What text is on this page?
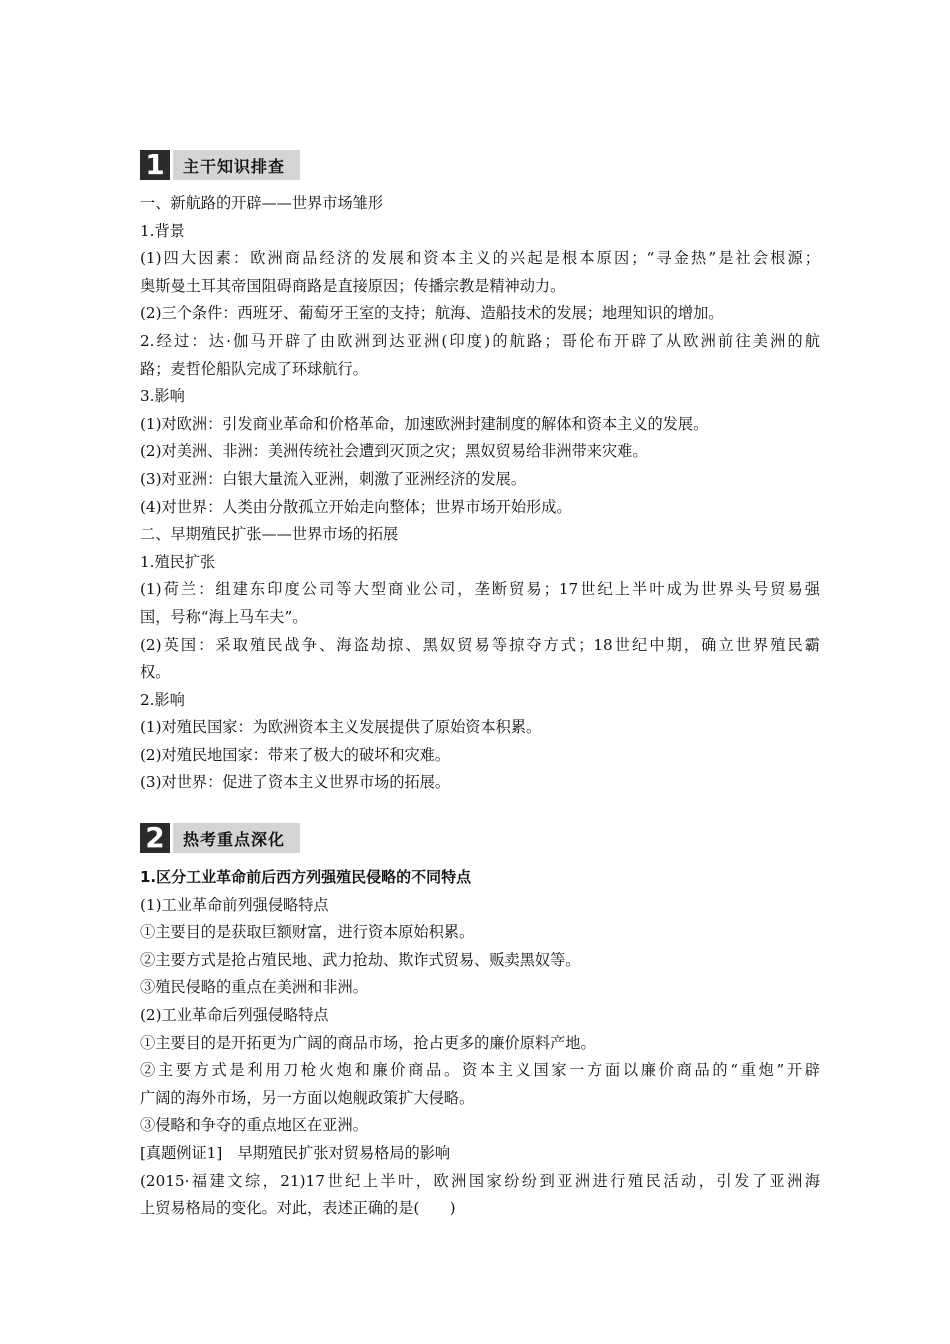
1	主干知识排查
一、新航路的开辟——世界市场雏形
1.背景
(1)四大因素：欧洲商品经济的发展和资本主义的兴起是根本原因；“寻金热”是社会根源；
奥斯曼土耳其帝国阻碍商路是直接原因；传播宗教是精神动力。
(2)三个条件：西班牙、葡萄牙王室的支持；航海、造船技术的发展；地理知识的增加。
2.经过：达·伽马开辟了由欧洲到达亚洲(印度)的航路；哥伦布开辟了从欧洲前往美洲的航
路；麦哲伦船队完成了环球航行。
3.影响
(1)对欧洲：引发商业革命和价格革命，加速欧洲封建制度的解体和资本主义的发展。
(2)对美洲、非洲：美洲传统社会遭到灭顶之灾；黑奴贸易给非洲带来灾难。
(3)对亚洲：白银大量流入亚洲，刺激了亚洲经济的发展。
(4)对世界：人类由分散孤立开始走向整体；世界市场开始形成。
二、早期殖民扩张——世界市场的拓展
1.殖民扩张
(1)荷兰：组建东印度公司等大型商业公司，垄断贸易；17世纪上半叶成为世界头号贸易强
国，号称“海上马车夫”。
(2)英国：采取殖民战争、海盗劫掠、黑奴贸易等掠夺方式；18世纪中期，确立世界殖民霸
权。
2.影响
(1)对殖民国家：为欧洲资本主义发展提供了原始资本积累。
(2)对殖民地国家：带来了极大的破坏和灾难。
(3)对世界：促进了资本主义世界市场的拓展。
2	热考重点深化
1.区分工业革命前后西方列强殖民侵略的不同特点
(1)工业革命前列强侵略特点
①主要目的是获取巨额财富，进行资本原始积累。
②主要方式是抢占殖民地、武力抢劫、欺诈式贸易、贩卖黑奴等。
③殖民侵略的重点在美洲和非洲。
(2)工业革命后列强侵略特点
①主要目的是开拓更为广阔的商品市场，抢占更多的廉价原料产地。
②主要方式是利用刀枪火炮和廉价商品。资本主义国家一方面以廉价商品的“重炮”开辟
广阔的海外市场，另一方面以炮舰政策扩大侵略。
③侵略和争夺的重点地区在亚洲。
[真题例证1]　早期殖民扩张对贸易格局的影响
(2015·福建文综，21)17世纪上半叶，欧洲国家纷纷到亚洲进行殖民活动，引发了亚洲海
上贸易格局的变化。对此，表述正确的是(　　)
